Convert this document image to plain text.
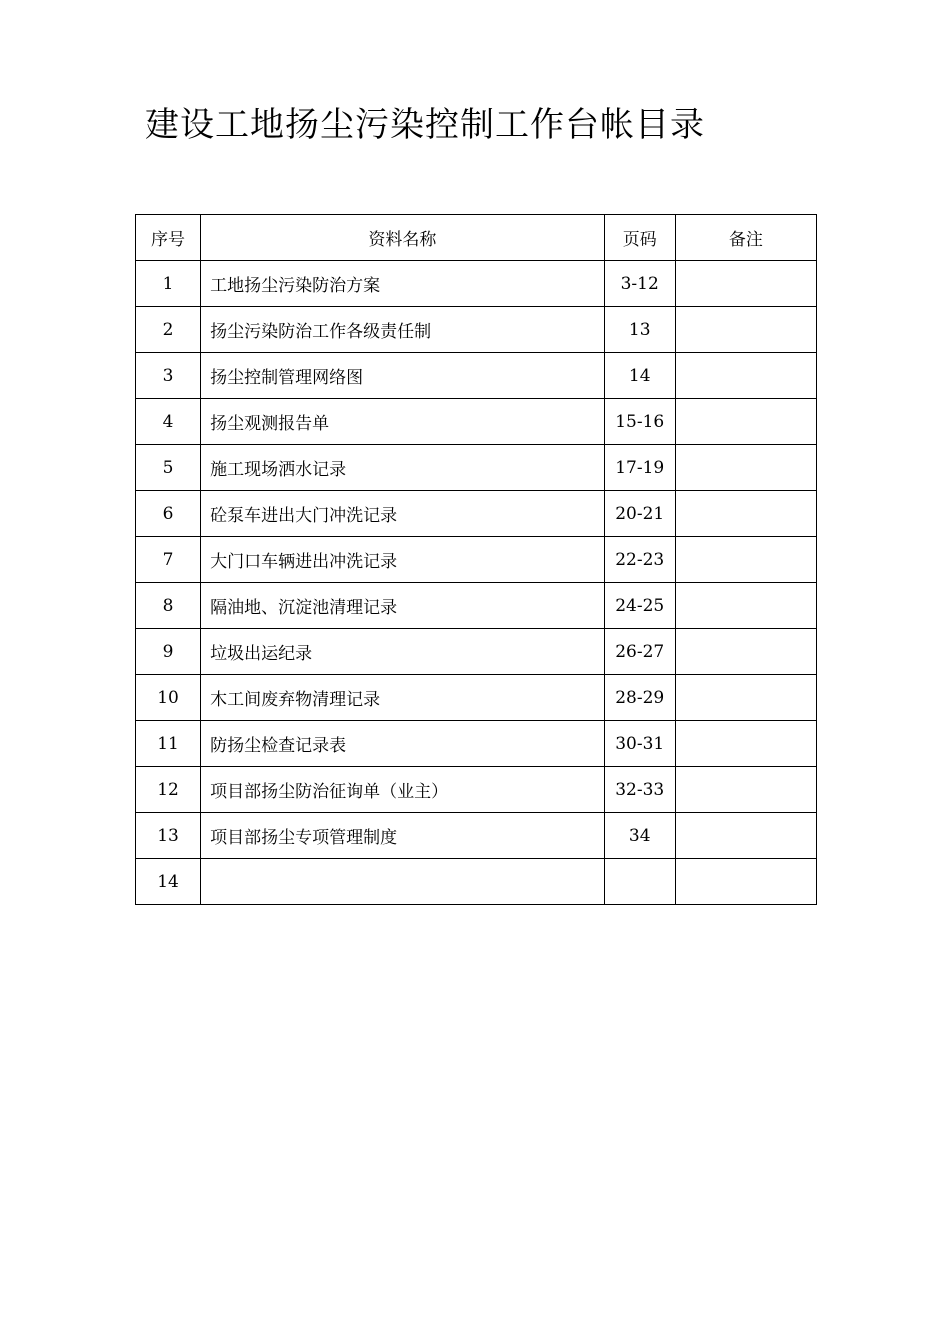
建设工地扬尘污染控制工作台帐目录
序号	资料名称	页码	备注
1	工地扬尘污染防治方案	3-12	
2	扬尘污染防治工作各级责任制	13	
3	扬尘控制管理网络图	14	
4	扬尘观测报告单	15-16	
5	施工现场洒水记录	17-19	
6	砼泵车进出大门冲洗记录	20-21	
7	大门口车辆进出冲洗记录	22-23	
8	隔油地、沉淀池清理记录	24-25	
9	垃圾出运纪录	26-27	
10	木工间废弃物清理记录	28-29	
11	防扬尘检查记录表	30-31	
12	项目部扬尘防治征询单（业主）	32-33	
13	项目部扬尘专项管理制度	34	
14			
